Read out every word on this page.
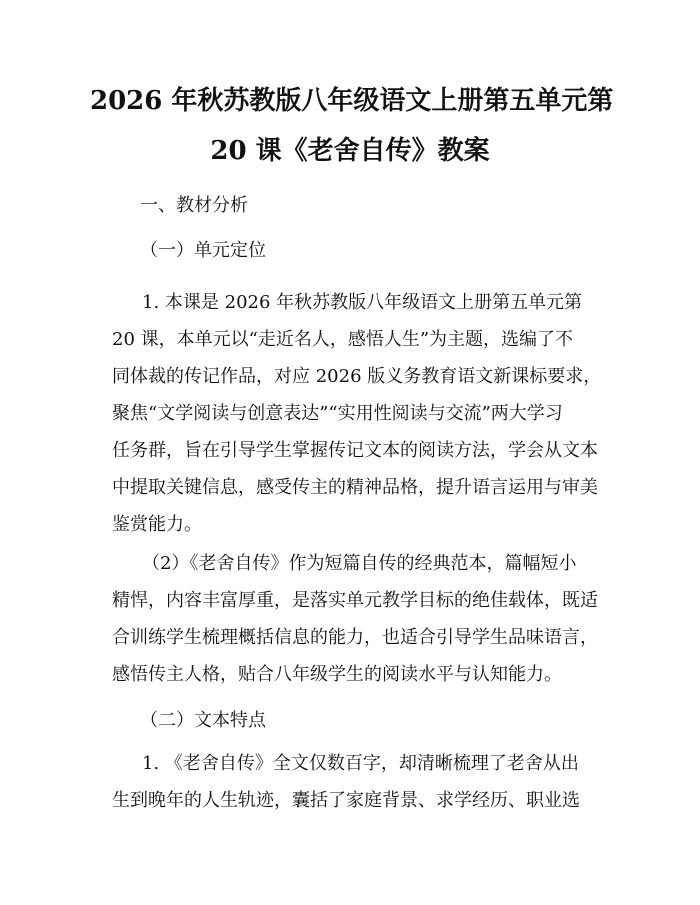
2026 年秋苏教版八年级语文上册第五单元第
20 课《老舍自传》教案

一、教材分析

（一）单元定位

1. 本课是 2026 年秋苏教版八年级语文上册第五单元第
20 课，本单元以“走近名人，感悟人生”为主题，选编了不
同体裁的传记作品，对应 2026 版义务教育语文新课标要求，
聚焦“文学阅读与创意表达”“实用性阅读与交流”两大学习
任务群，旨在引导学生掌握传记文本的阅读方法，学会从文本
中提取关键信息，感受传主的精神品格，提升语言运用与审美
鉴赏能力。
（2）《老舍自传》作为短篇自传的经典范本，篇幅短小
精悍，内容丰富厚重，是落实单元教学目标的绝佳载体，既适
合训练学生梳理概括信息的能力，也适合引导学生品味语言，
感悟传主人格，贴合八年级学生的阅读水平与认知能力。

（二）文本特点

1. 《老舍自传》全文仅数百字，却清晰梳理了老舍从出
生到晚年的人生轨迹，囊括了家庭背景、求学经历、职业选
